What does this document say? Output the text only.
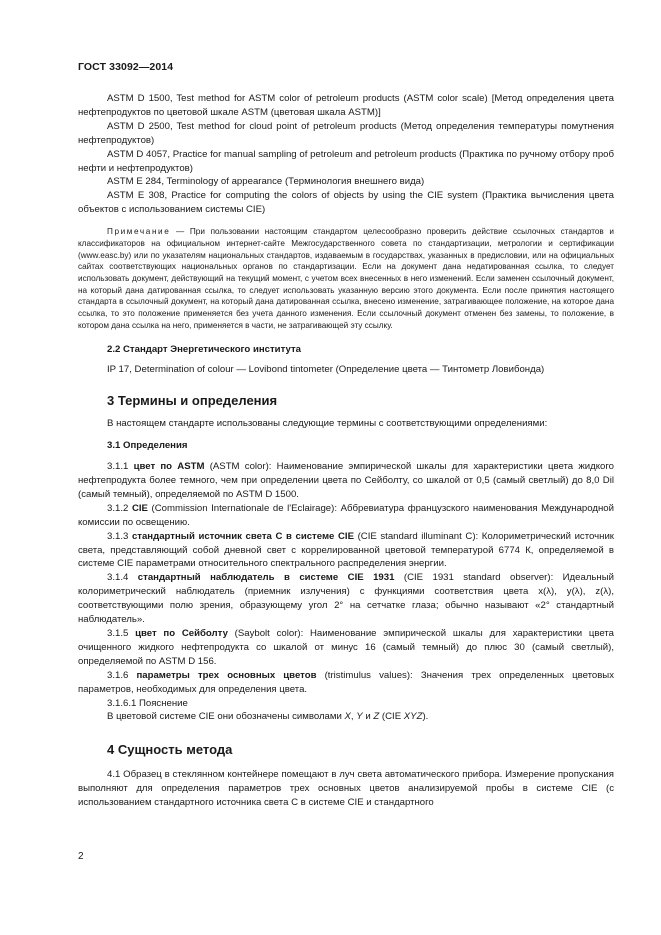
ГОСТ 33092—2014

ASTM D 1500, Test method for ASTM color of petroleum products (ASTM color scale) [Метод определения цвета нефтепродуктов по цветовой шкале ASTM (цветовая шкала ASTM)]

ASTM D 2500, Test method for cloud point of petroleum products (Метод определения температуры помутнения нефтепродуктов)

ASTM D 4057, Practice for manual sampling of petroleum and petroleum products (Практика по ручному отбору проб нефти и нефтепродуктов)

ASTM E 284, Terminology of appearance (Терминология внешнего вида)

ASTM E 308, Practice for computing the colors of objects by using the CIE system (Практика вычисления цвета объектов с использованием системы CIE)

Примечание — При пользовании настоящим стандартом целесообразно проверить действие ссылочных стандартов и классификаторов на официальном интернет-сайте Межгосударственного совета по стандартизации, метрологии и сертификации (www.easc.by) или по указателям национальных стандартов, издаваемым в государствах, указанных в предисловии, или на официальных сайтах соответствующих национальных органов по стандартизации. Если на документ дана недатированная ссылка, то следует использовать документ, действующий на текущий момент, с учетом всех внесенных в него изменений. Если заменен ссылочный документ, на который дана датированная ссылка, то следует использовать указанную версию этого документа. Если после принятия настоящего стандарта в ссылочный документ, на который дана датированная ссылка, внесено изменение, затрагивающее положение, на которое дана ссылка, то это положение применяется без учета данного изменения. Если ссылочный документ отменен без замены, то положение, в котором дана ссылка на него, применяется в части, не затрагивающей эту ссылку.

2.2 Стандарт Энергетического института

IP 17, Determination of colour — Lovibond tintometer (Определение цвета — Тинтометр Ловибонда)

3 Термины и определения

В настоящем стандарте использованы следующие термины с соответствующими определениями:

3.1 Определения

3.1.1 цвет по ASTM (ASTM color): Наименование эмпирической шкалы для характеристики цвета жидкого нефтепродукта более темного, чем при определении цвета по Сейболту, со шкалой от 0,5 (самый светлый) до 8,0 Dil (самый темный), определяемой по ASTM D 1500.

3.1.2 CIE (Commission Internationale de l'Eclairage): Аббревиатура французского наименования Международной комиссии по освещению.

3.1.3 стандартный источник света С в системе CIE (CIE standard illuminant C): Колориметрический источник света, представляющий собой дневной свет с коррелированной цветовой температурой 6774 К, определяемой в системе CIE параметрами относительного спектрального распределения энергии.

3.1.4 стандартный наблюдатель в системе CIE 1931 (CIE 1931 standard observer): Идеальный колориметрический наблюдатель (приемник излучения) с функциями соответствия цвета x(λ), y(λ), z(λ), соответствующими полю зрения, образующему угол 2° на сетчатке глаза; обычно называют «2° стандартный наблюдатель».

3.1.5 цвет по Сейболту (Saybolt color): Наименование эмпирической шкалы для характеристики цвета очищенного жидкого нефтепродукта со шкалой от минус 16 (самый темный) до плюс 30 (самый светлый), определяемой по ASTM D 156.

3.1.6 параметры трех основных цветов (tristimulus values): Значения трех определенных цветовых параметров, необходимых для определения цвета.

3.1.6.1 Пояснение

В цветовой системе CIE они обозначены символами X, Y и Z (CIE XYZ).

4 Сущность метода

4.1 Образец в стеклянном контейнере помещают в луч света автоматического прибора. Измерение пропускания выполняют для определения параметров трех основных цветов анализируемой пробы в системе CIE (с использованием стандартного источника света С в системе CIE и стандартного

2
